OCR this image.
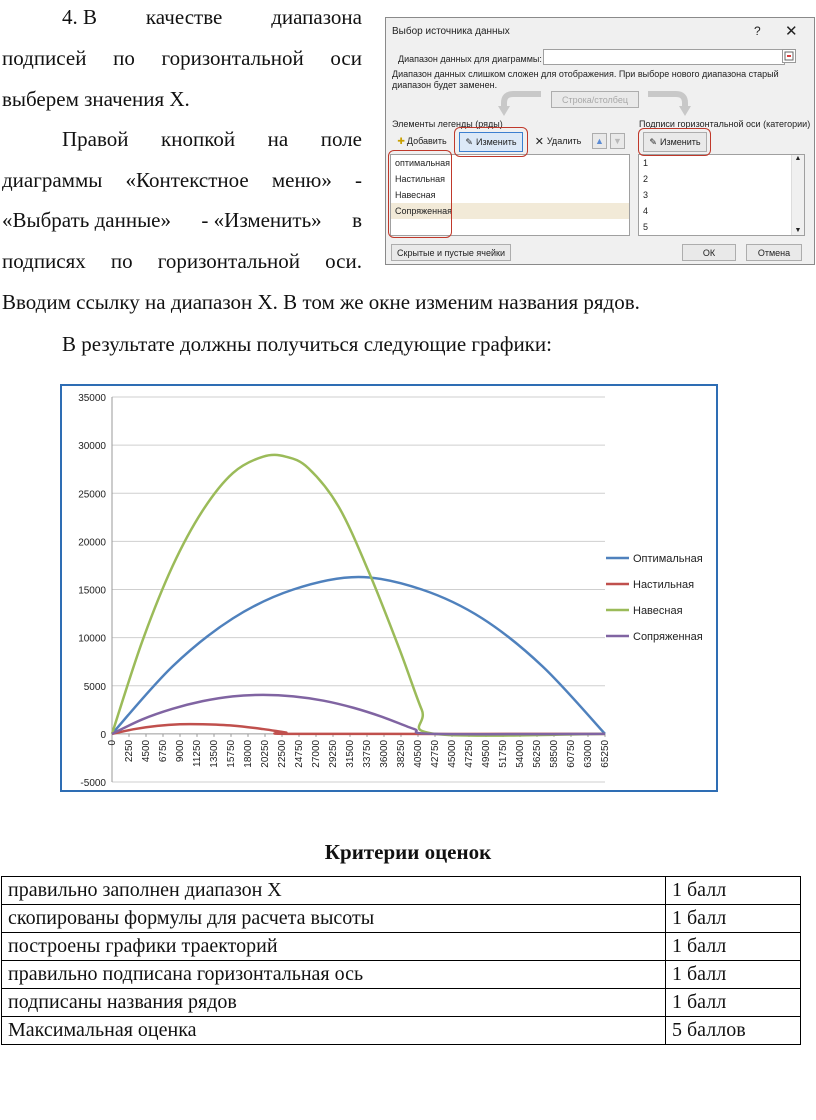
4. В качестве диапазона
подписей по горизонтальной оси
выберем значения X.
Правой кнопкой на поле
диаграммы «Контекстное меню» -
«Выбрать данные» - «Изменить» в
подписях по горизонтальной оси.
Вводим ссылку на диапазон X. В том же окне изменим названия рядов.
В результате должны получиться следующие графики:
Выбор источника данных	? ✕
Диапазон данных для диаграммы:
Диапазон данных слишком сложен для отображения. При выборе нового диапазона старый диапазон будет заменен.
Строка/столбец
Элементы легенды (ряды)	Подписи горизонтальной оси (категории)
✚ Добавить ✎ Изменить ✕ Удалить	▲	▼	✎ Изменить
оптимальная
Настильная
Навесная
Сопряженная
1
2
3
4
5
▲
▼
Скрытые и пустые ячейки	ОК	Отмена
-5000
0
5000
10000
15000
20000
25000
30000
35000
0 2250 4500 6750 9000 11250 13500 15750 18000 20250 22500 24750 27000 29250 31500 33750 36000 38250 40500 42750 45000 47250 49500 51750 54000 56250 58500 60750 63000 65250
Оптимальная
Настильная
Навесная
Сопряженная
Критерии оценок
правильно заполнен диапазон X	1 балл
скопированы формулы для расчета высоты	1 балл
построены графики траекторий	1 балл
правильно подписана горизонтальная ось	1 балл
подписаны названия рядов	1 балл
Максимальная оценка	5 баллов
